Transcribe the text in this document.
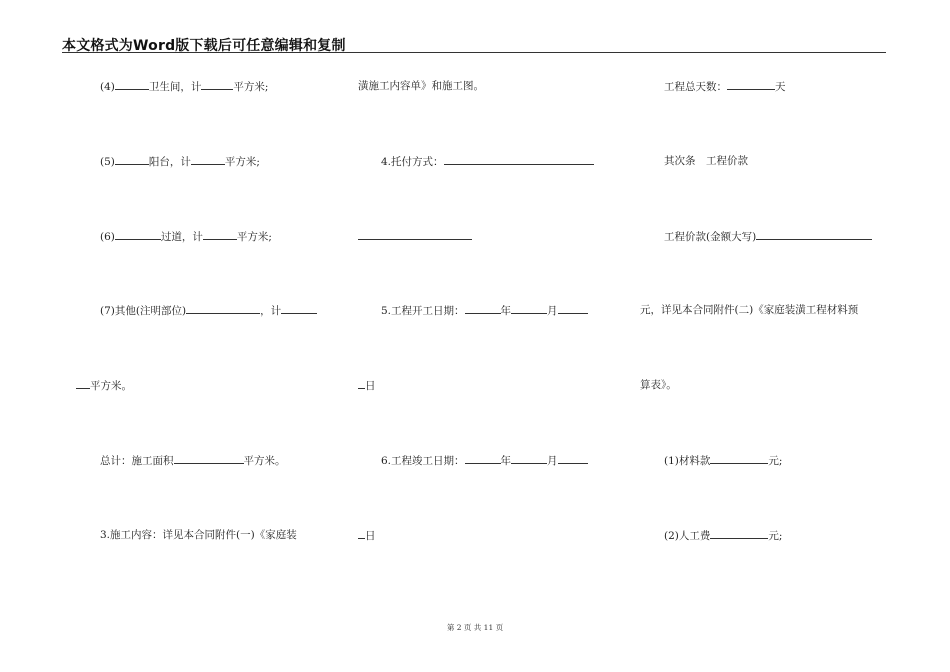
本文格式为Word版下载后可任意编辑和复制
(4)	卫生间，计	平方米;
(5)	阳台，计	平方米;
(6)	过道，计	平方米;
(7)其他(注明部位)	，计
平方米。
总计：施工面积	平方米。
3.施工内容：详见本合同附件(一)《家庭装
潢施工内容单》和施工图。
4.托付方式：
5.工程开工日期：	年	月
日
6.工程竣工日期：	年	月
日
工程总天数：	天
其次条　工程价款
工程价款(金额大写)
元，详见本合同附件(二)《家庭装潢工程材料预
算表》。
(1)材料款	元;
(2)人工费	元;
第 2 页 共 11 页
